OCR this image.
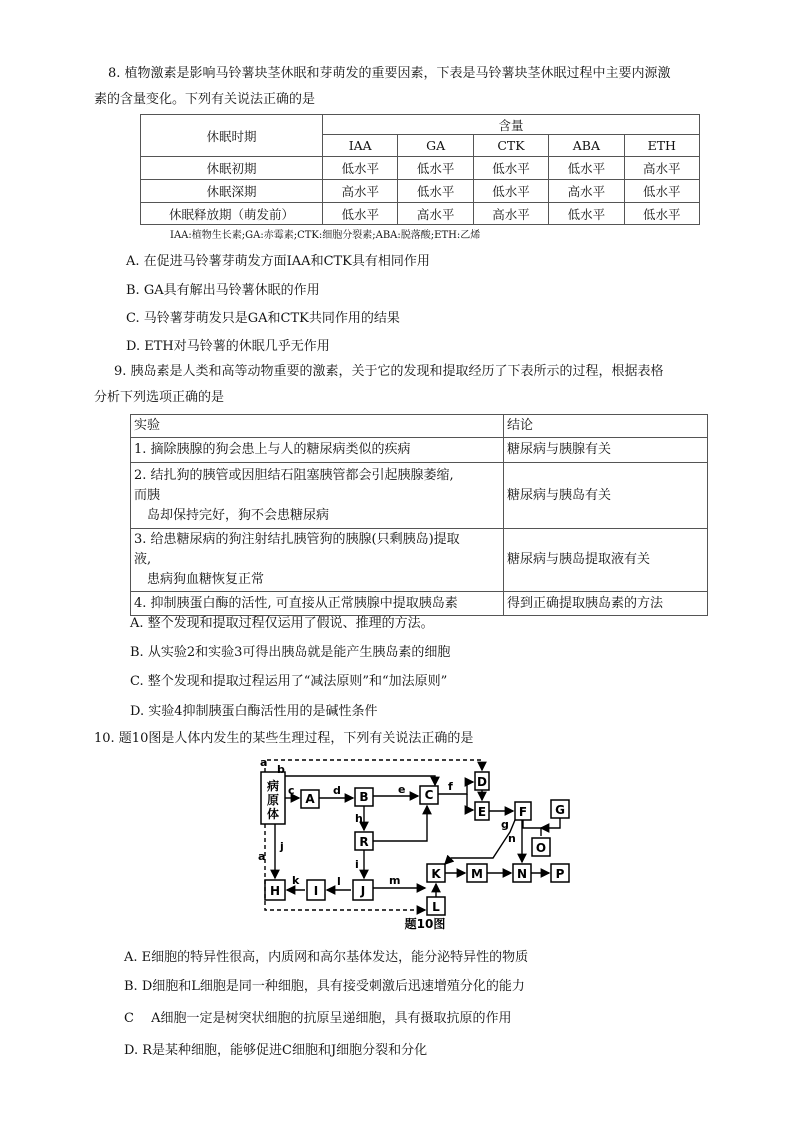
8. 植物激素是影响马铃薯块茎休眠和芽萌发的重要因素，下表是马铃薯块茎休眠过程中主要内源激
素的含量变化。下列有关说法正确的是
休眠时期	含量				
	IAA	GA	CTK	ABA	ETH
休眠初期	低水平	低水平	低水平	低水平	高水平
休眠深期	高水平	低水平	低水平	高水平	低水平
休眠释放期（萌发前）	低水平	高水平	高水平	低水平	低水平
IAA:植物生长素;GA:赤霉素;CTK:细胞分裂素;ABA:脱落酸;ETH:乙烯
A. 在促进马铃薯芽萌发方面IAA和CTK具有相同作用
B. GA具有解出马铃薯休眠的作用
C. 马铃薯芽萌发只是GA和CTK共同作用的结果
D. ETH对马铃薯的休眠几乎无作用
9. 胰岛素是人类和高等动物重要的激素，关于它的发现和提取经历了下表所示的过程，根据表格
分析下列选项正确的是
实验	结论

1. 摘除胰腺的狗会患上与人的糖尿病类似的疾病	糖尿病与胰腺有关

2. 结扎狗的胰管或因胆结石阻塞胰管都会引起胰腺萎缩,
而胰
　岛却保持完好，狗不会患糖尿病	糖尿病与胰岛有关

3. 给患糖尿病的狗注射结扎胰管狗的胰腺(只剩胰岛)提取
液,
　患病狗血糖恢复正常	糖尿病与胰岛提取液有关

4. 抑制胰蛋白酶的活性, 可直接从正常胰腺中提取胰岛素	得到正确提取胰岛素的方法
A. 整个发现和提取过程仅运用了假说、推理的方法。
B. 从实验2和实验3可得出胰岛就是能产生胰岛素的细胞
C. 整个发现和提取过程运用了“减法原则”和“加法原则”
D. 实验4抑制胰蛋白酶活性用的是碱性条件
10. 题10图是人体内发生的某些生理过程，下列有关说法正确的是
病
原
体
A	B	C
D
E	F G
O
R
H	I	J
K
L
M	N P
a
b
c	d	e	f
g
h
i
j
k	l	m
n
a
题10图
A. E细胞的特异性很高，内质网和高尔基体发达，能分泌特异性的物质
B. D细胞和L细胞是同一种细胞，具有接受刺激后迅速增殖分化的能力
C　 A细胞一定是树突状细胞的抗原呈递细胞，具有摄取抗原的作用
D. R是某种细胞，能够促进C细胞和J细胞分裂和分化
